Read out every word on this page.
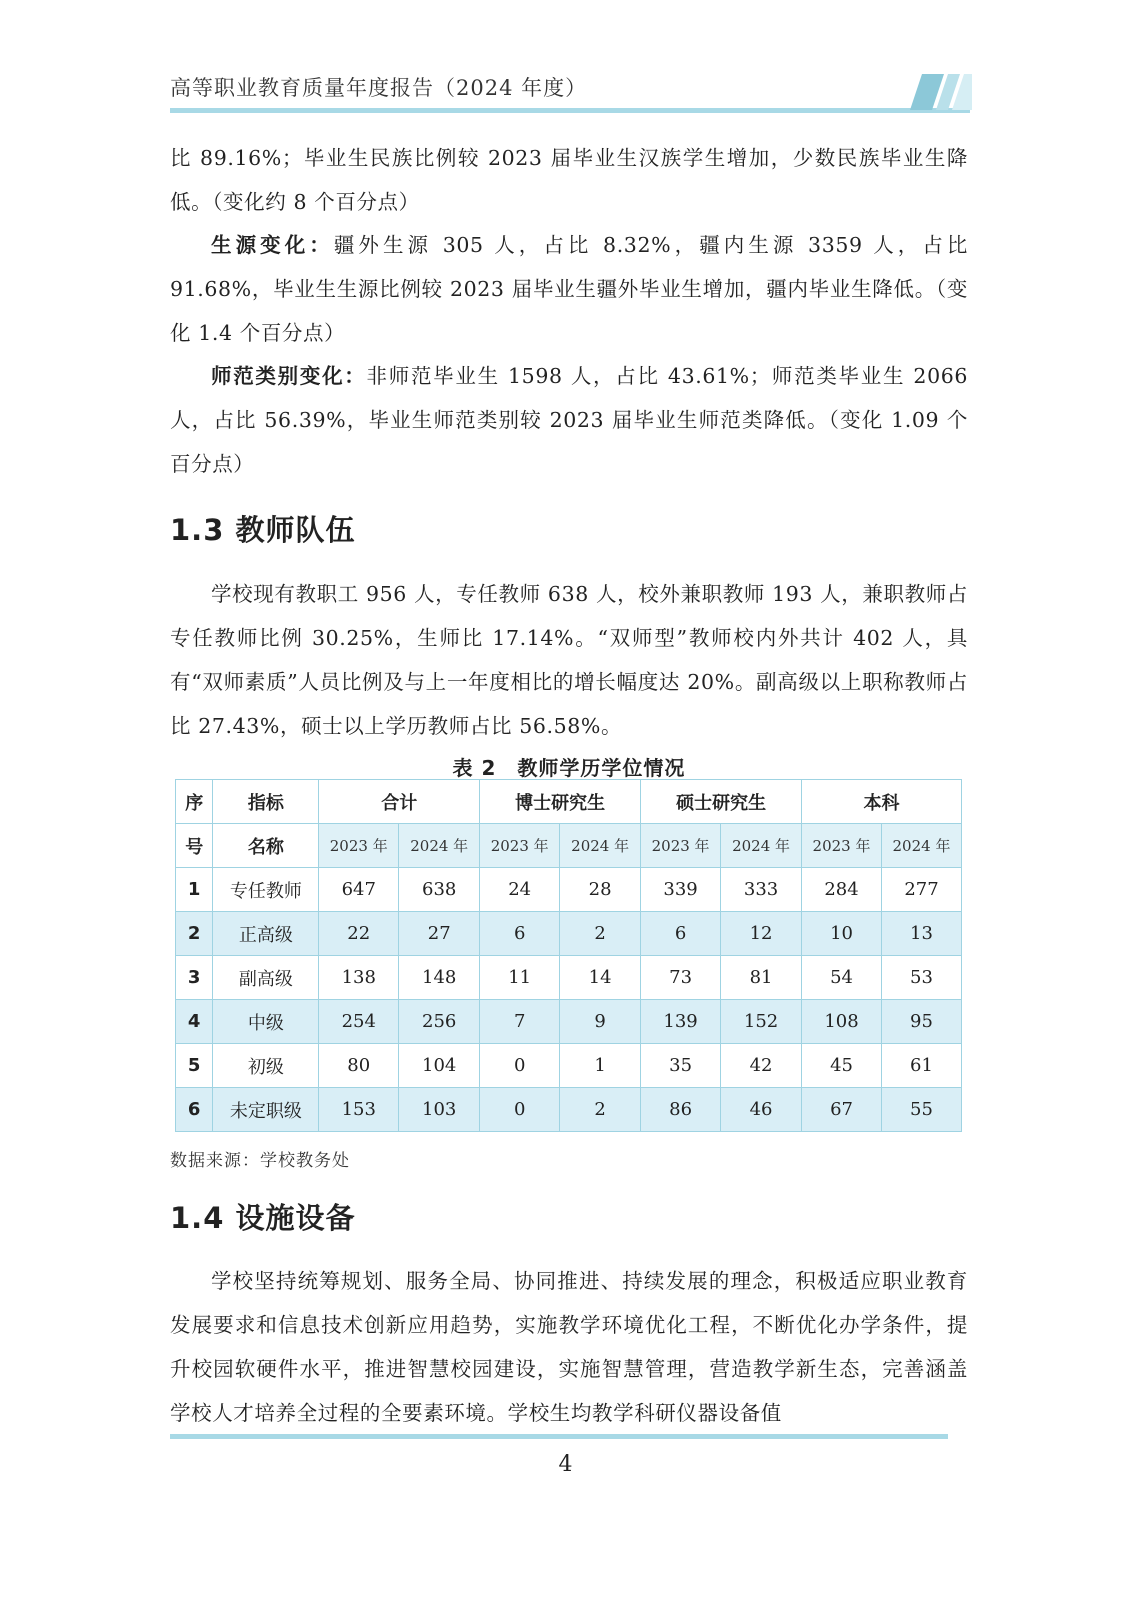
高等职业教育质量年度报告（2024 年度）

比 89.16%；毕业生民族比例较 2023 届毕业生汉族学生增加，少数民族毕业生降低。（变化约 8 个百分点）

生源变化：疆外生源 305 人，占比 8.32%，疆内生源 3359 人，占比 91.68%，毕业生生源比例较 2023 届毕业生疆外毕业生增加，疆内毕业生降低。（变化 1.4 个百分点）

师范类别变化：非师范毕业生 1598 人，占比 43.61%；师范类毕业生 2066 人，占比 56.39%，毕业生师范类别较 2023 届毕业生师范类降低。（变化 1.09 个百分点）

1.3 教师队伍

学校现有教职工 956 人，专任教师 638 人，校外兼职教师 193 人，兼职教师占专任教师比例 30.25%，生师比 17.14%。“双师型”教师校内外共计 402 人，具有“双师素质”人员比例及与上一年度相比的增长幅度达 20%。副高级以上职称教师占比 27.43%，硕士以上学历教师占比 56.58%。

表 2　教师学历学位情况
序	指标	合计		博士研究生		硕士研究生		本科	
号	名称	2023 年	2024 年	2023 年	2024 年	2023 年	2024 年	2023 年	2024 年
1	专任教师	647	638	24	28	339	333	284	277
2	正高级	22	27	6	2	6	12	10	13
3	副高级	138	148	11	14	73	81	54	53
4	中级	254	256	7	9	139	152	108	95
5	初级	80	104	0	1	35	42	45	61
6	未定职级	153	103	0	2	86	46	67	55
数据来源：学校教务处
1.4 设施设备

学校坚持统筹规划、服务全局、协同推进、持续发展的理念，积极适应职业教育发展要求和信息技术创新应用趋势，实施教学环境优化工程，不断优化办学条件，提升校园软硬件水平，推进智慧校园建设，实施智慧管理，营造教学新生态，完善涵盖学校人才培养全过程的全要素环境。学校生均教学科研仪器设备值

4
